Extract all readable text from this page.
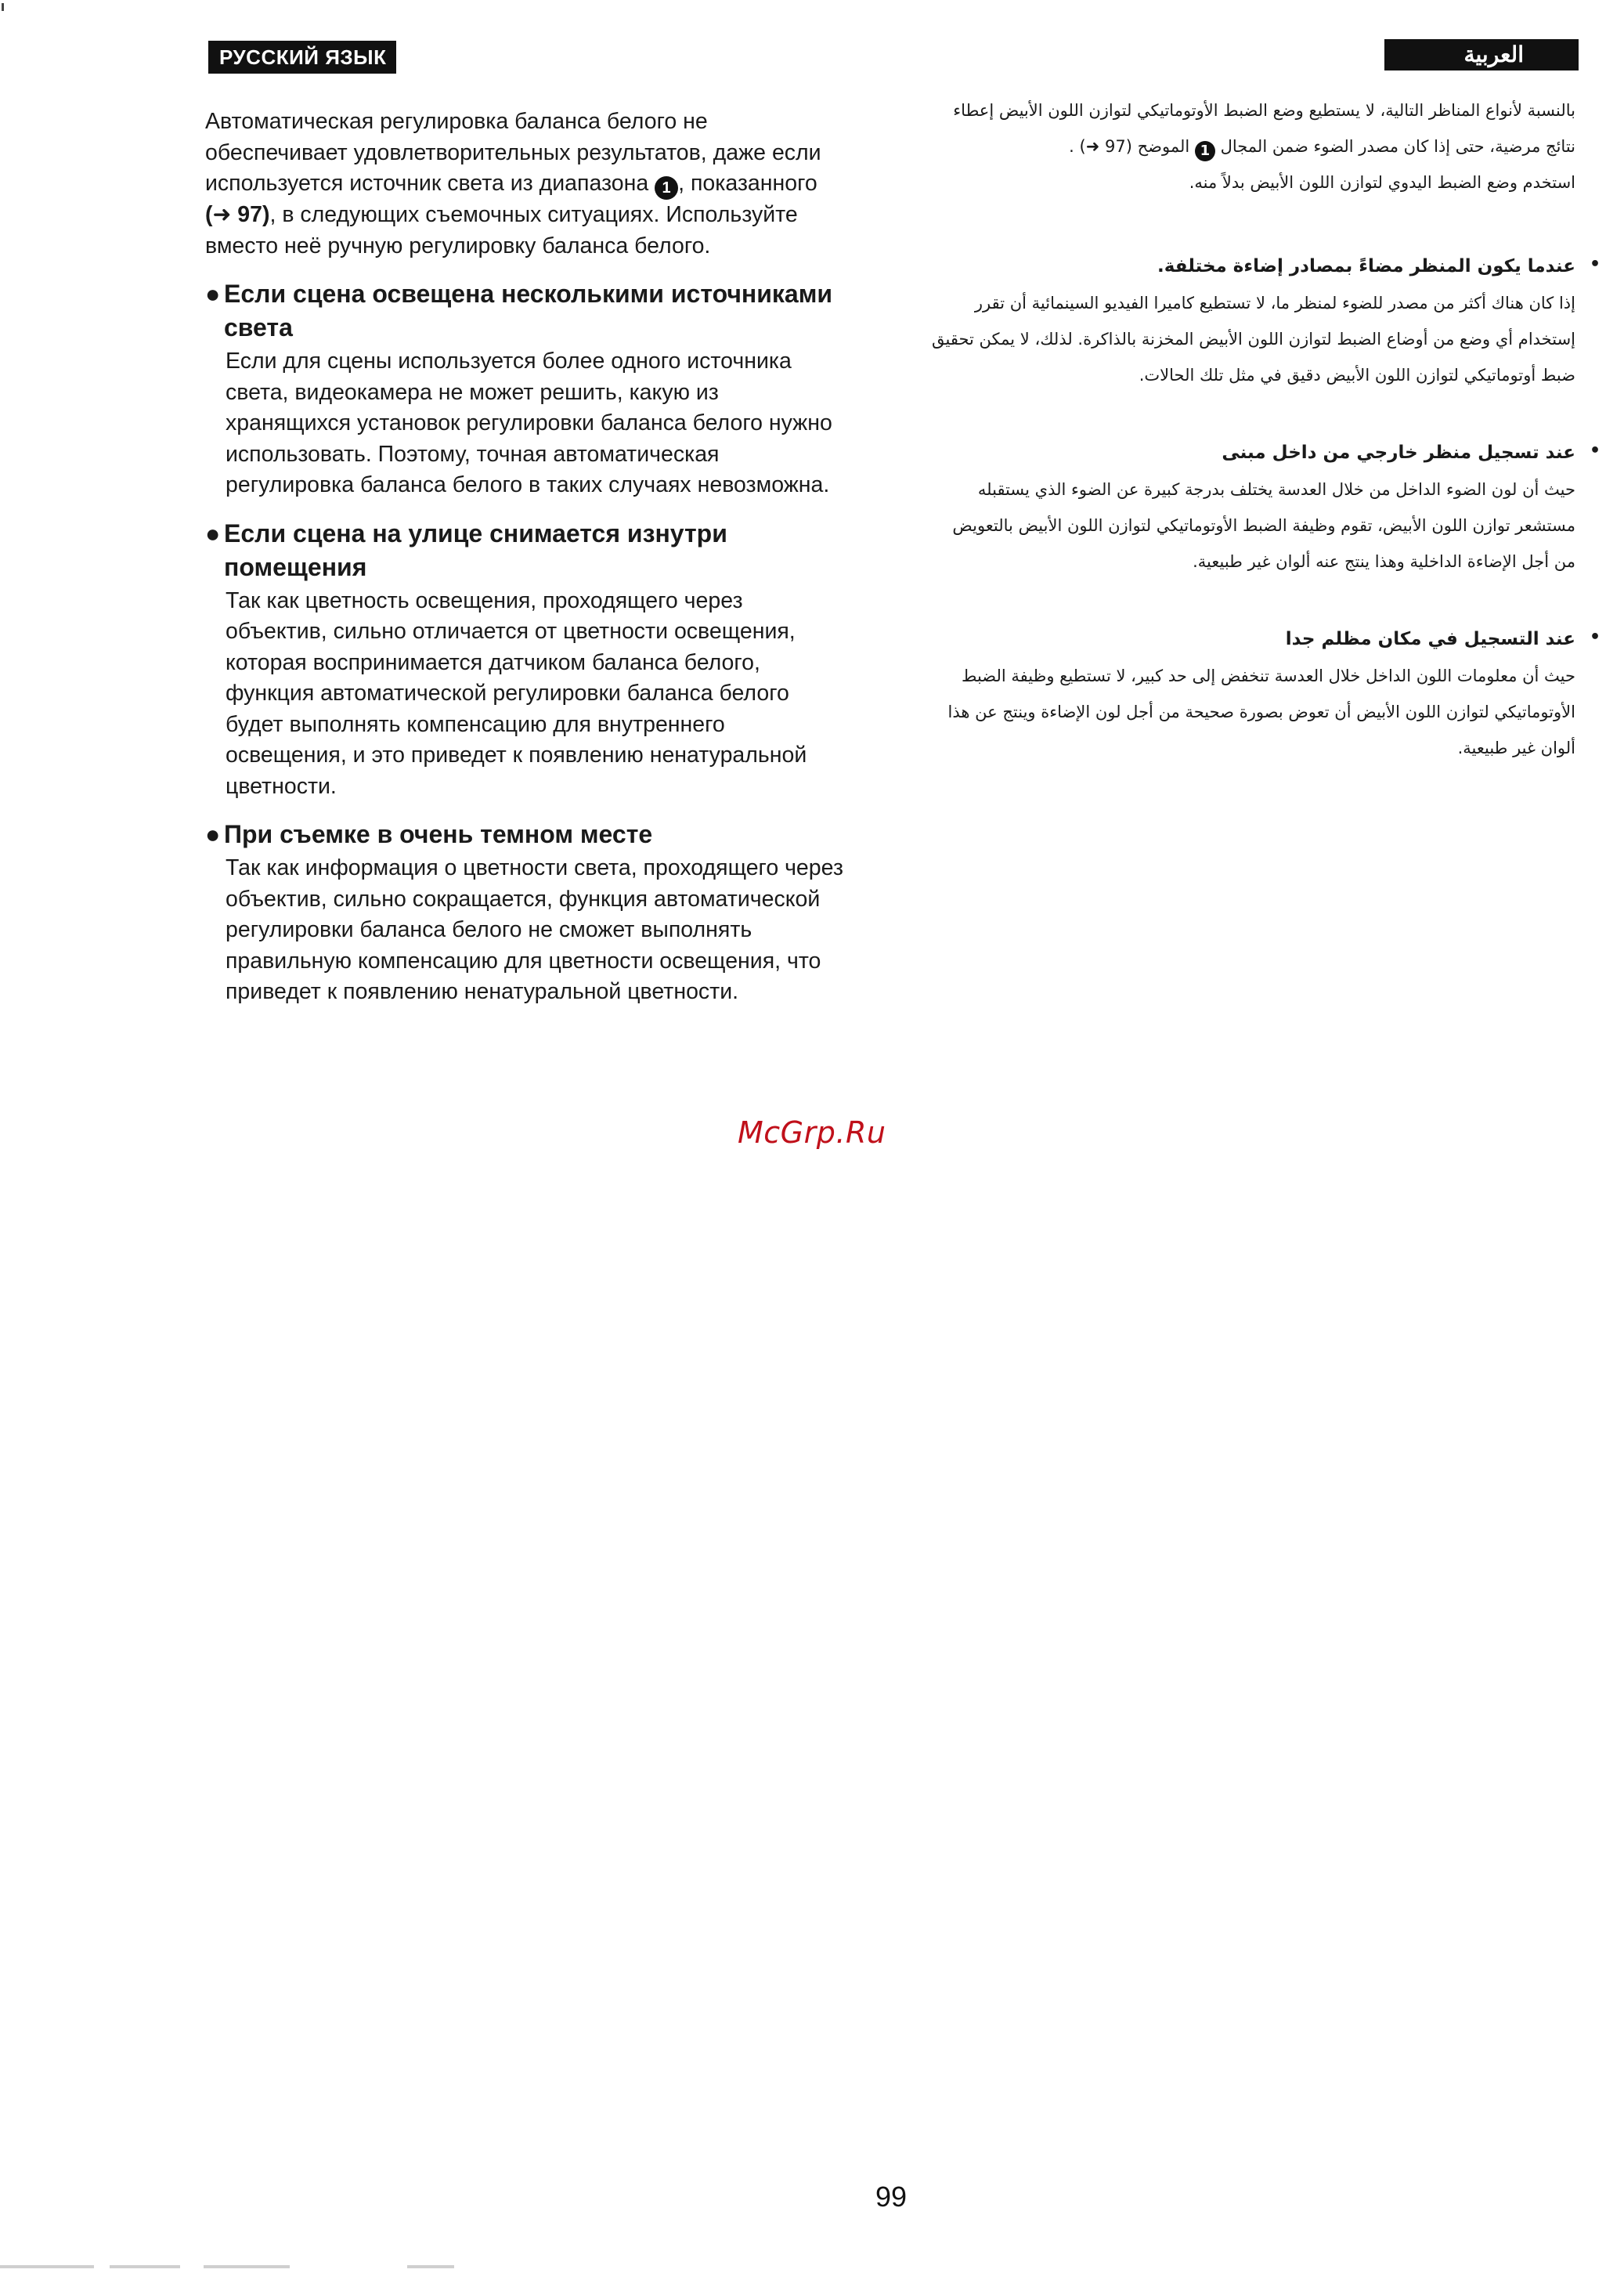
РУССКИЙ ЯЗЫК	العربية

Автоматическая регулировка баланса белого не обеспечивает удовлетворительных результатов, даже если используется источник света из диапазона 1 , показанного (➜ 97), в следующих съемочных ситуациях. Используйте вместо неё ручную регулировку баланса белого.

● Если сцена освещена несколькими источниками света

Если для сцены используется более одного источника света, видеокамера не может решить, какую из хранящихся установок регулировки баланса белого нужно использовать. Поэтому, точная автоматическая регулировка баланса белого в таких случаях невозможна.

● Если сцена на улице снимается изнутри помещения

Так как цветность освещения, проходящего через объектив, сильно отличается от цветности освещения, которая воспринимается датчиком баланса белого, функция автоматической регулировки баланса белого будет выполнять компенсацию для внутреннего освещения, и это приведет к появлению ненатуральной цветности.

● При съемке в очень темном месте

Так как информация о цветности света, проходящего через объектив, сильно сокращается, функция автоматической регулировки баланса белого не сможет выполнять правильную компенсацию для цветности освещения, что приведет к появлению ненатуральной цветности.

بالنسبة لأنواع المناظر التالية، لا يستطيع وضع الضبط الأوتوماتيكي لتوازن اللون الأبيض إعطاء نتائج مرضية، حتى إذا كان مصدر الضوء ضمن المجال 1 الموضح (97 ➜) .
استخدم وضع الضبط اليدوي لتوازن اللون الأبيض بدلاً منه.

•
عندما يكون المنظر مضاءً بمصادر إضاءة مختلفة.

إذا كان هناك أكثر من مصدر للضوء لمنظر ما، لا تستطيع كاميرا الفيديو السينمائية أن تقرر إستخدام أي وضع من أوضاع الضبط لتوازن اللون الأبيض المخزنة بالذاكرة. لذلك، لا يمكن تحقيق ضبط أوتوماتيكي لتوازن اللون الأبيض دقيق في مثل تلك الحالات.

•
عند تسجيل منظر خارجي من داخل مبنى

حيث أن لون الضوء الداخل من خلال العدسة يختلف بدرجة كبيرة عن الضوء الذي يستقبله مستشعر توازن اللون الأبيض، تقوم وظيفة الضبط الأوتوماتيكي لتوازن اللون الأبيض بالتعويض من أجل الإضاءة الداخلية وهذا ينتج عنه ألوان غير طبيعية.

•
عند التسجيل في مكان مظلم جدا

حيث أن معلومات اللون الداخل خلال العدسة تنخفض إلى حد كبير، لا تستطيع وظيفة الضبط الأوتوماتيكي لتوازن اللون الأبيض أن تعوض بصورة صحيحة من أجل لون الإضاءة وينتج عن هذا ألوان غير طبيعية.

McGrp.Ru
99
